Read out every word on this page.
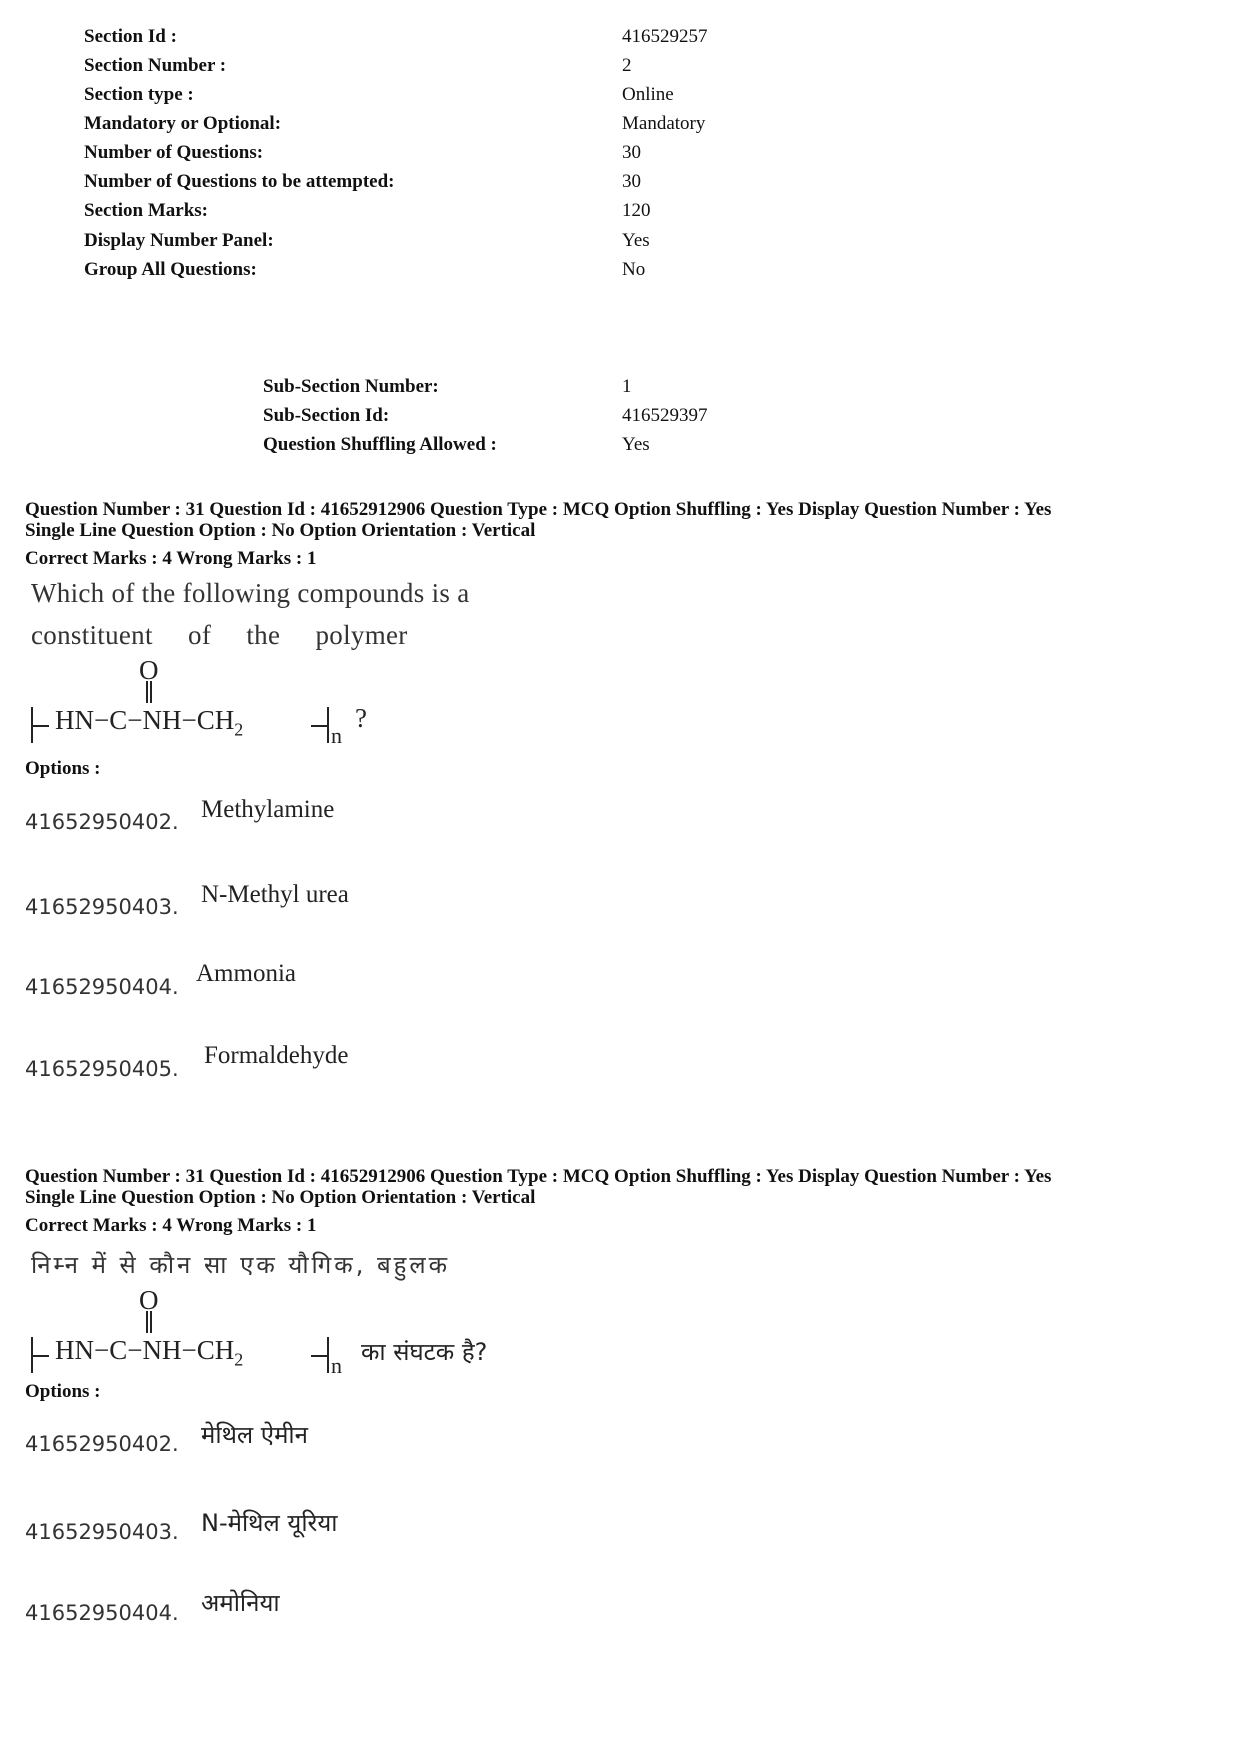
Section Id :	416529257
Section Number :	2
Section type :	Online
Mandatory or Optional:	Mandatory
Number of Questions:	30
Number of Questions to be attempted:	30
Section Marks:	120
Display Number Panel:	Yes
Group All Questions:	No
Sub-Section Number:	1
Sub-Section Id:	416529397
Question Shuffling Allowed :	Yes
Question Number : 31 Question Id : 41652912906 Question Type : MCQ Option Shuffling : Yes Display Question Number : Yes
Single Line Question Option : No Option Orientation : Vertical
Correct Marks : 4 Wrong Marks : 1
Which of the following compounds is a
constituent     of     the     polymer
O
$HN-C-NH-CH_2$	n
?
Options :
41652950402. Methylamine
41652950403. N-Methyl urea
41652950404. Ammonia
41652950405. Formaldehyde
Question Number : 31 Question Id : 41652912906 Question Type : MCQ Option Shuffling : Yes Display Question Number : Yes
Single Line Question Option : No Option Orientation : Vertical
Correct Marks : 4 Wrong Marks : 1
निम्न में से कौन सा एक यौगिक, बहुलक
O
$HN-C-NH-CH_2$	n का संघटक है?
Options :
41652950402. मेथिल ऐमीन
41652950403. N-मेथिल यूरिया
41652950404. अमोनिया
